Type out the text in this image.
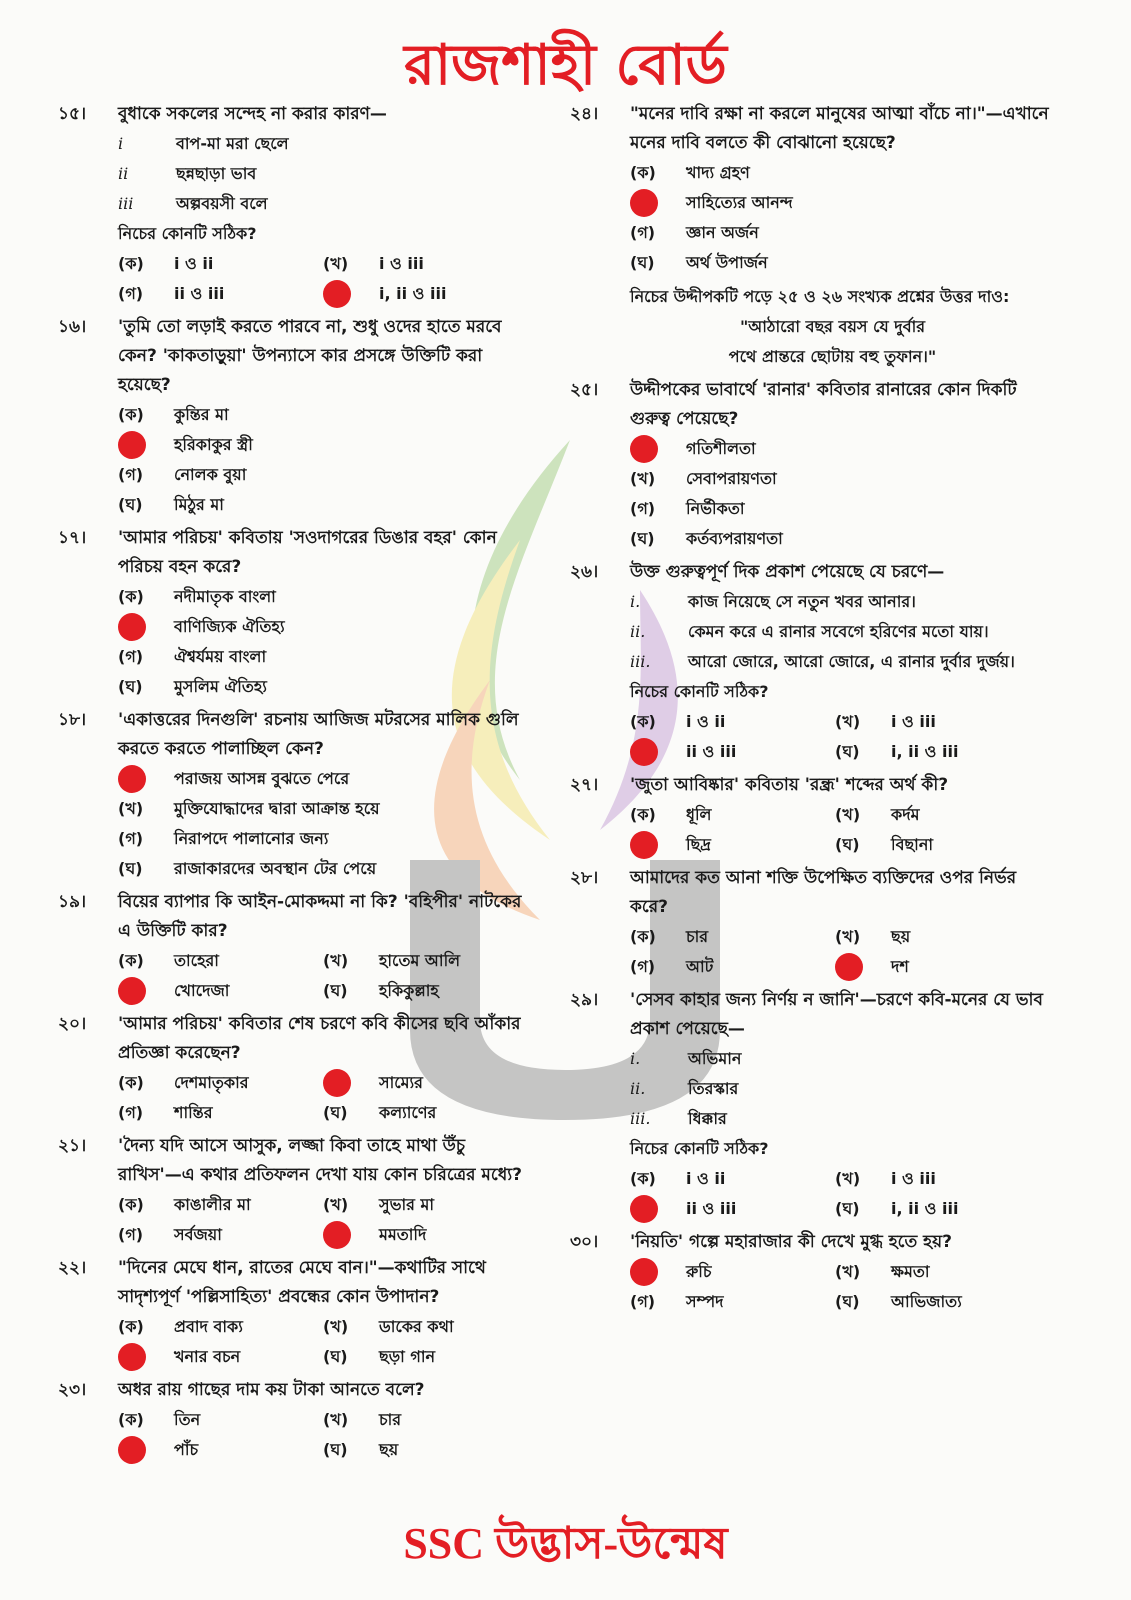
রাজশাহী বোর্ড
১৫।	বুধাকে সকলের সন্দেহ না করার কারণ—
i	বাপ-মা মরা ছেলে
ii	ছন্নছাড়া ভাব
iii	অল্পবয়সী বলে
নিচের কোনটি সঠিক?
(ক)	i ও ii	(খ)	i ও iii
(গ)	ii ও iii	i, ii ও iii
১৬।	'তুমি তো লড়াই করতে পারবে না, শুধু ওদের হাতে মরবে কেন? 'কাকতাড়ুয়া' উপন্যাসে কার প্রসঙ্গে উক্তিটি করা হয়েছে?
(ক)	কুন্তির মা
হরিকাকুর স্ত্রী
(গ)	নোলক বুয়া
(ঘ)	মিঠুর মা
১৭।	'আমার পরিচয়' কবিতায় 'সওদাগরের ডিঙার বহর' কোন পরিচয় বহন করে?
(ক)	নদীমাতৃক বাংলা
বাণিজ্যিক ঐতিহ্য
(গ)	ঐশ্বর্যময় বাংলা
(ঘ)	মুসলিম ঐতিহ্য
১৮।	'একাত্তরের দিনগুলি' রচনায় আজিজ মটরসের মালিক গুলি করতে করতে পালাচ্ছিল কেন?
পরাজয় আসন্ন বুঝতে পেরে
(খ)	মুক্তিযোদ্ধাদের দ্বারা আক্রান্ত হয়ে
(গ)	নিরাপদে পালানোর জন্য
(ঘ)	রাজাকারদের অবস্থান টের পেয়ে
১৯।	বিয়ের ব্যাপার কি আইন-মোকদ্দমা না কি? 'বহিপীর' নাটকের এ উক্তিটি কার?
(ক)	তাহেরা	(খ)	হাতেম আলি
খোদেজা	(ঘ)	হকিকুল্লাহ
২০।	'আমার পরিচয়' কবিতার শেষ চরণে কবি কীসের ছবি আঁকার প্রতিজ্ঞা করেছেন?
(ক)	দেশমাতৃকার	সাম্যের
(গ)	শান্তির	(ঘ)	কল্যাণের
২১।	'দৈন্য যদি আসে আসুক, লজ্জা কিবা তাহে মাথা উঁচু রাখিস'—এ কথার প্রতিফলন দেখা যায় কোন চরিত্রের মধ্যে?
(ক)	কাঙালীর মা	(খ)	সুভার মা
(গ)	সর্বজয়া	মমতাদি
২২।	"দিনের মেঘে ধান, রাতের মেঘে বান।"—কথাটির সাথে সাদৃশ্যপূর্ণ 'পল্লিসাহিত্য' প্রবন্ধের কোন উপাদান?
(ক)	প্রবাদ বাক্য	(খ)	ডাকের কথা
খনার বচন	(ঘ)	ছড়া গান
২৩।	অধর রায় গাছের দাম কয় টাকা আনতে বলে?
(ক)	তিন	(খ)	চার
পাঁচ	(ঘ)	ছয়
২৪।	"মনের দাবি রক্ষা না করলে মানুষের আত্মা বাঁচে না।"—এখানে মনের দাবি বলতে কী বোঝানো হয়েছে?
(ক)	খাদ্য গ্রহণ
সাহিত্যের আনন্দ
(গ)	জ্ঞান অর্জন
(ঘ)	অর্থ উপার্জন
নিচের উদ্দীপকটি পড়ে ২৫ ও ২৬ সংখ্যক প্রশ্নের উত্তর দাও:
"আঠারো বছর বয়স যে দুর্বার
পথে প্রান্তরে ছোটায় বহু তুফান।"
২৫।	উদ্দীপকের ভাবার্থে 'রানার' কবিতার রানারের কোন দিকটি গুরুত্ব পেয়েছে?
গতিশীলতা
(খ)	সেবাপরায়ণতা
(গ)	নির্ভীকতা
(ঘ)	কর্তব্যপরায়ণতা
২৬।	উক্ত গুরুত্বপূর্ণ দিক প্রকাশ পেয়েছে যে চরণে—
i.	কাজ নিয়েছে সে নতুন খবর আনার।
ii.	কেমন করে এ রানার সবেগে হরিণের মতো যায়।
iii.	আরো জোরে, আরো জোরে, এ রানার দুর্বার দুর্জয়।
নিচের কোনটি সঠিক?
(ক)	i ও ii	(খ)	i ও iii
ii ও iii	(ঘ)	i, ii ও iii
২৭।	'জুতা আবিষ্কার' কবিতায় 'রন্ধ্র' শব্দের অর্থ কী?
(ক)	ধূলি	(খ)	কর্দম
ছিদ্র	(ঘ)	বিছানা
২৮।	আমাদের কত আনা শক্তি উপেক্ষিত ব্যক্তিদের ওপর নির্ভর করে?
(ক)	চার	(খ)	ছয়
(গ)	আট	দশ
২৯।	'সেসব কাহার জন্য নির্ণয় ন জানি'—চরণে কবি-মনের যে ভাব প্রকাশ পেয়েছে—
i.	অভিমান
ii.	তিরস্কার
iii.	ধিক্কার
নিচের কোনটি সঠিক?
(ক)	i ও ii	(খ)	i ও iii
ii ও iii	(ঘ)	i, ii ও iii
৩০।	'নিয়তি' গল্পে মহারাজার কী দেখে মুগ্ধ হতে হয়?
রুচি	(খ)	ক্ষমতা
(গ)	সম্পদ	(ঘ)	আভিজাত্য
SSC উদ্ভাস-উন্মেষ
